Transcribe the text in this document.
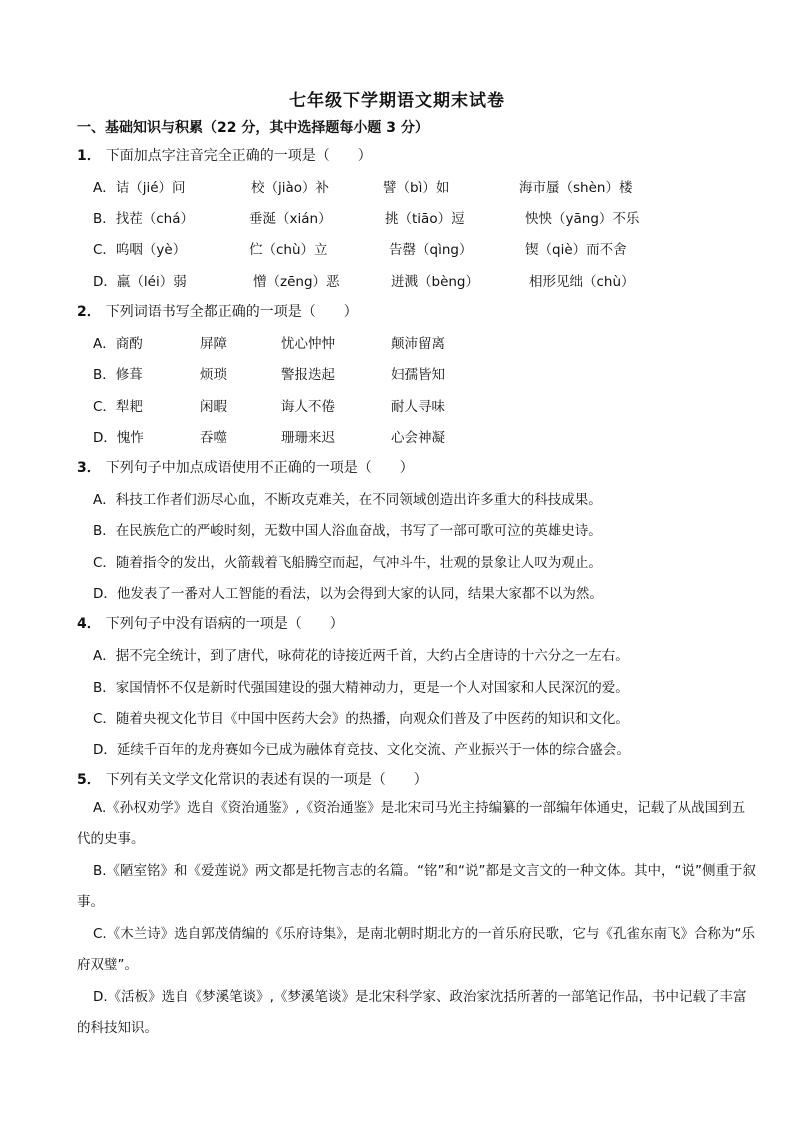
七年级下学期语文期末试卷
一、基础知识与积累（22 分，其中选择题每小题 3 分）
1． 下面加点字注音完全正确的一项是（　　）
A．诘（jié）问	校（jiào）补	譬（bì）如	海市蜃（shèn）楼
B．找茬（chá）	垂涎（xián）	挑（tiāo）逗	怏怏（yāng）不乐
C．呜咽（yè）	伫（chù）立	告罄（qìng）	锲（qiè）而不舍
D．羸（léi）弱	憎（zēng）恶	迸溅（bèng）	相形见绌（chù）
2． 下列词语书写全都正确的一项是（　　）
A．商酌	屏障	忧心忡忡	颠沛留离
B．修葺	烦琐	警报迭起	妇孺皆知
C．犁耙	闲暇	诲人不倦	耐人寻味
D．愧怍	吞噬	珊珊来迟	心会神凝
3． 下列句子中加点成语使用不正确的一项是（　　）
A．科技工作者们沥尽心血，不断攻克难关，在不同领域创造出许多重大的科技成果。
B．在民族危亡的严峻时刻，无数中国人浴血奋战，书写了一部可歌可泣的英雄史诗。
C．随着指令的发出，火箭载着飞船腾空而起，气冲斗牛，壮观的景象让人叹为观止。
D．他发表了一番对人工智能的看法，以为会得到大家的认同，结果大家都不以为然。
4． 下列句子中没有语病的一项是（　　）
A．据不完全统计，到了唐代，咏荷花的诗接近两千首，大约占全唐诗的十六分之一左右。
B．家国情怀不仅是新时代强国建设的强大精神动力，更是一个人对国家和人民深沉的爱。
C．随着央视文化节目《中国中医药大会》的热播，向观众们普及了中医药的知识和文化。
D．延续千百年的龙舟赛如今已成为融体育竞技、文化交流、产业振兴于一体的综合盛会。
5． 下列有关文学文化常识的表述有误的一项是（　　）
A.《孙权劝学》选自《资治通鉴》,《资治通鉴》是北宋司马光主持编纂的一部编年体通史，记载了从战国到五代的史事。
B.《陋室铭》和《爱莲说》两文都是托物言志的名篇。“铭”和“说”都是文言文的一种文体。其中，“说”侧重于叙事。
C.《木兰诗》选自郭茂倩编的《乐府诗集》，是南北朝时期北方的一首乐府民歌，它与《孔雀东南飞》合称为“乐府双璧”。
D.《活板》选自《梦溪笔谈》,《梦溪笔谈》是北宋科学家、政治家沈括所著的一部笔记作品，书中记载了丰富的科技知识。
